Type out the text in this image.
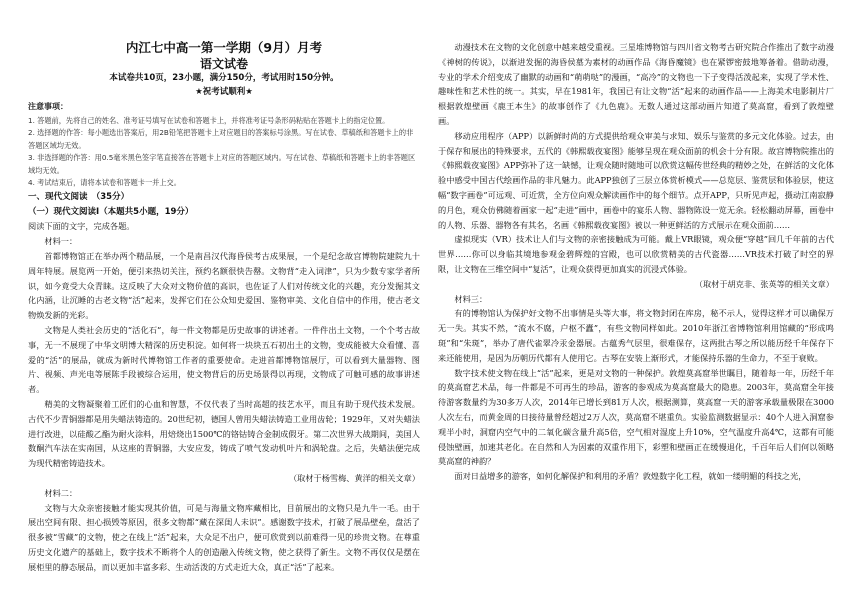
内江七中高一第一学期（9月）月考
语文试卷
本试卷共10页，23小题，满分150分，考试用时150分钟。
★祝考试顺利★
注意事项：
1. 答题前，先将自己的姓名、准考证号填写在试卷和答题卡上，并将准考证号条形码粘贴在答题卡上的指定位置。
2. 选择题的作答：每小题选出答案后，用2B铅笔把答题卡上对应题目的答案标号涂黑。写在试卷、草稿纸和答题卡上的非答题区域均无效。
3. 非选择题的作答：用0.5毫米黑色签字笔直接答在答题卡上对应的答题区域内。写在试卷、草稿纸和答题卡上的非答题区域均无效。
4. 考试结束后，请将本试卷和答题卡一并上交。
一、现代文阅读　（35分）
（一）现代文阅读Ⅰ（本题共5小题，19分）

阅读下面的文字，完成各题。

材料一：

首都博物馆正在举办两个精品展，一个是南昌汉代海昏侯考古成果展，一个是纪念故宫博物院建院九十周年特展。展览两一开始，便引来热切关注，预约名额很快告罄。文物背“走入词津”，只为少数专家学者所识，如今竟受大众青睐。这反映了大众对文物价值的高识，也佐证了人们对传统文化的兴趣，充分发掘其文化内涵，让沉睡的古老文物“活”起来，发挥它们在公众知史爱国、鉴物审美、文化自信中的作用，使古老文物焕发新的光彩。

文物是人类社会历史的“活化石”，每一件文物都是历史故事的讲述者。一件件出土文物，一个个考古故事，无一不展现了中华文明博大精深的历史积淀。如何将一块块五石初出土的文物，变成能被大众看懂、喜爱的“活”的展品，就成为新时代博物馆工作者的重要使命。走进首都博物馆展厅，可以看到大量器物、图片、视频、声光电等展陈手段被综合运用，使文物背后的历史场景得以再现，文物成了可触可感的故事讲述者。

精美的文物凝聚着工匠们的心血和智慧，不仅代表了当时高超的技艺水平，而且有助于现代技术发展。古代不少青铜器都是用失蜡法铸造的。20世纪初，德国人曾用失蜡法铸造工业用齿轮；1929年，又对失蜡法进行改进，以硅酸乙酯为耐火涂料，用焙烧出1500℃的铬钴铸合金制成假牙。第二次世界大战期间，美国人数酮汽车法在实南国，从这座的青铜器，大安应发，铸成了喷气发动机叶片和涡轮盘。之后，失蜡法便完成为现代精密铸造技术。

（取材于杨雪梅、黄洋的相关文章）

材料二：

文物与大众亲密接触才能实现其价值，可是与海量文物库藏相比，目前展出的文物只是九牛一毛。由于展出空间有限、担心损毁等原因，很多文物都“藏在深闺人未识”。感谢数字技术，打破了展品壁垒，盘活了很多被“雪藏”的文物，使之在线上“活”起来，大众足不出户，便可欣赏到以前难得一见的珍贵文物。在尊重历史文化遗产的基础上，数字技术不断将个人的创造融入传统文物，使之获得了新生。文物不再仅仅是摆在展柜里的静态展品，而以更加丰富多彩、生动活泼的方式走近大众，真正“活”了起来。

动漫技术在文物的文化创意中越来越受重视。三星堆博物馆与四川省文物考古研究院合作推出了数字动漫《神树的传说》，以渐进发掘的海昏侯墓为素材的动画作品《海昏魔镜》也在紧锣密鼓地筹备着。借助动漫，专业的学术介绍变成了幽默的动画和“萌萌哒”的漫画，“高冷”的文物也一下子变得活泼起来，实现了学术性、趣味性和艺术性的统一。其实，早在1981年，我国已有让文物“活”起来的动画作品——上海美术电影制片厂根据敦煌壁画《鹿王本生》的故事创作了《九色鹿》。无数人通过这部动画片知道了莫高窟，看到了敦煌壁画。

移动应用程序（APP）以新鲜时尚的方式提供给观众审美与求知、娱乐与鉴赏的多元文化体验。过去，由于保存和展出的特殊要求，五代的《韩熙载夜宴图》能够呈现在观众面前的机会十分有限。故宫博物院推出的《韩熙载夜宴图》APP弥补了这一缺憾，让观众随时随地可以欣赏这幅传世经典的精妙之处，在鲜活的文化体验中感受中国古代绘画作品的非凡魅力。此APP独创了三层立体赏析模式——总览层、鉴赏层和体验层，使这幅“数字画卷”可远观、可近赏，全方位向观众解读画作中的每个细节。点开APP，只听见声起，摄动江南寂静的月色，观众仿佛随着画家一起“走进”画中，画卷中的宴乐人物、器物陈设一览无余。轻松翻动屏幕，画卷中的人物、乐器、器物各有其名，名画《韩熙载夜宴图》被以一种更鲜活的方式展示在观众面前……

虚拟现实（VR）技术让人们与文物的亲密接触成为可能。戴上VR眼镜，观众便“穿越”回几千年前的古代世界……你可以身临其境地参观金碧辉煌的宫殿，也可以欣赏精美的古代瓷器……VR技术打破了时空的界限，让文物在三维空间中“复活”，让观众获得更加真实的沉浸式体验。

（取材于胡克非、张英等的相关文章）

材料三：

有的博物馆认为保护好文物不出事情是头等大事，将文物封闭在库房，秘不示人，觉得这样才可以确保万无一失。其实不然，“流水不腐，户枢不蠹”，有些文物同样如此。2010年浙江省博物馆利用馆藏的“形成鸣斑”和“朱斑”，举办了唐代雀翠冷汞金器展。古蕴秀气层里，很难保存，这两批古琴之所以能历经千年保存下来还能使用，是因为历朝历代都有人使用它。古琴在安装上渐形式，才能保持乐器的生命力，不至于衰败。

数字技术使文物在线上“活”起来，更是对文物的一种保护。敦煌莫高窟举世瞩目，随着每一年，历经千年的莫高窟艺术品，每一件都是不可再生的珍品，游客的参观成为莫高窟最大的隐患。2003年，莫高窟全年接待游客数量约为30多万人次，2014年已增长到81万人次，根据测算，莫高窟一天的游客承载量极限在3000人次左右，而黄金周的日接待量曾经超过2万人次，莫高窟不堪重负。实验监测数据显示：40个人进入洞窟参观半小时，洞窟内空气中的二氧化碳含量升高5倍，空气相对湿度上升10%，空气温度升高4℃，这都有可能侵蚀壁画，加速其老化。在自然和人为因素的双重作用下，彩塑和壁画正在缓慢退化，千百年后人们何以领略莫高窟的神韵？

面对日益增多的游客，如何化解保护和利用的矛盾？敦煌数字化工程，就如一缕明媚的科技之光，
